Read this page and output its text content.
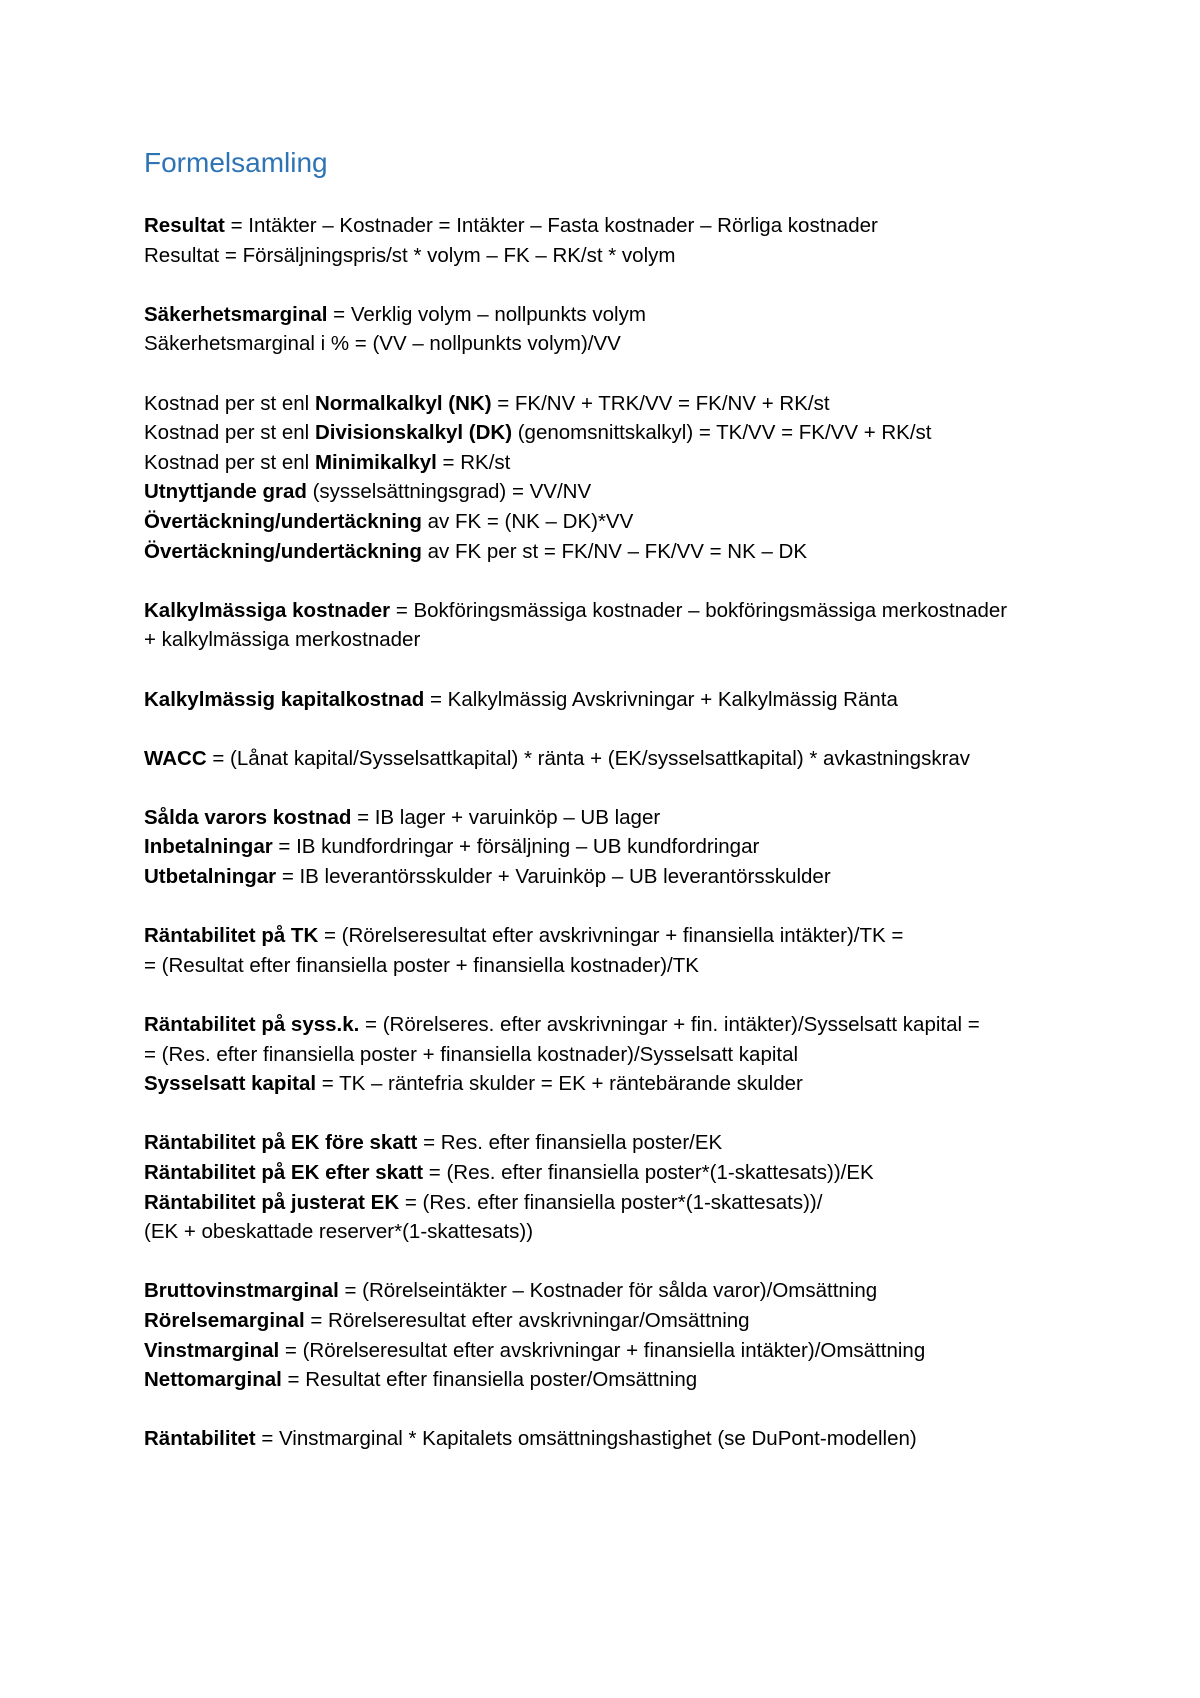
Formelsamling
Resultat = Intäkter – Kostnader = Intäkter – Fasta kostnader – Rörliga kostnader
Resultat = Försäljningspris/st * volym – FK – RK/st * volym
Säkerhetsmarginal = Verklig volym – nollpunkts volym
Säkerhetsmarginal i % = (VV – nollpunkts volym)/VV
Kostnad per st enl Normalkalkyl (NK) = FK/NV + TRK/VV = FK/NV + RK/st
Kostnad per st enl Divisionskalkyl (DK) (genomsnittskalkyl) = TK/VV = FK/VV + RK/st
Kostnad per st enl Minimikalkyl = RK/st
Utnyttjande grad (sysselsättningsgrad) = VV/NV
Övertäckning/undertäckning av FK = (NK – DK)*VV
Övertäckning/undertäckning av FK per st = FK/NV – FK/VV = NK – DK
Kalkylmässiga kostnader = Bokföringsmässiga kostnader – bokföringsmässiga merkostnader
+ kalkylmässiga merkostnader
Kalkylmässig kapitalkostnad = Kalkylmässig Avskrivningar + Kalkylmässig Ränta
WACC = (Lånat kapital/Sysselsattkapital) * ränta + (EK/sysselsattkapital) * avkastningskrav
Sålda varors kostnad = IB lager + varuinköp – UB lager
Inbetalningar = IB kundfordringar + försäljning – UB kundfordringar
Utbetalningar = IB leverantörsskulder + Varuinköp – UB leverantörsskulder
Räntabilitet på TK = (Rörelseresultat efter avskrivningar + finansiella intäkter)/TK =
= (Resultat efter finansiella poster + finansiella kostnader)/TK
Räntabilitet på syss.k. = (Rörelseres. efter avskrivningar + fin. intäkter)/Sysselsatt kapital =
= (Res. efter finansiella poster + finansiella kostnader)/Sysselsatt kapital
Sysselsatt kapital = TK – räntefria skulder = EK + räntebärande skulder
Räntabilitet på EK före skatt = Res. efter finansiella poster/EK
Räntabilitet på EK efter skatt = (Res. efter finansiella poster*(1-skattesats))/EK
Räntabilitet på justerat EK = (Res. efter finansiella poster*(1-skattesats))/
(EK + obeskattade reserver*(1-skattesats))
Bruttovinstmarginal = (Rörelseintäkter – Kostnader för sålda varor)/Omsättning
Rörelsemarginal = Rörelseresultat efter avskrivningar/Omsättning
Vinstmarginal = (Rörelseresultat efter avskrivningar + finansiella intäkter)/Omsättning
Nettomarginal = Resultat efter finansiella poster/Omsättning
Räntabilitet = Vinstmarginal * Kapitalets omsättningshastighet (se DuPont-modellen)
